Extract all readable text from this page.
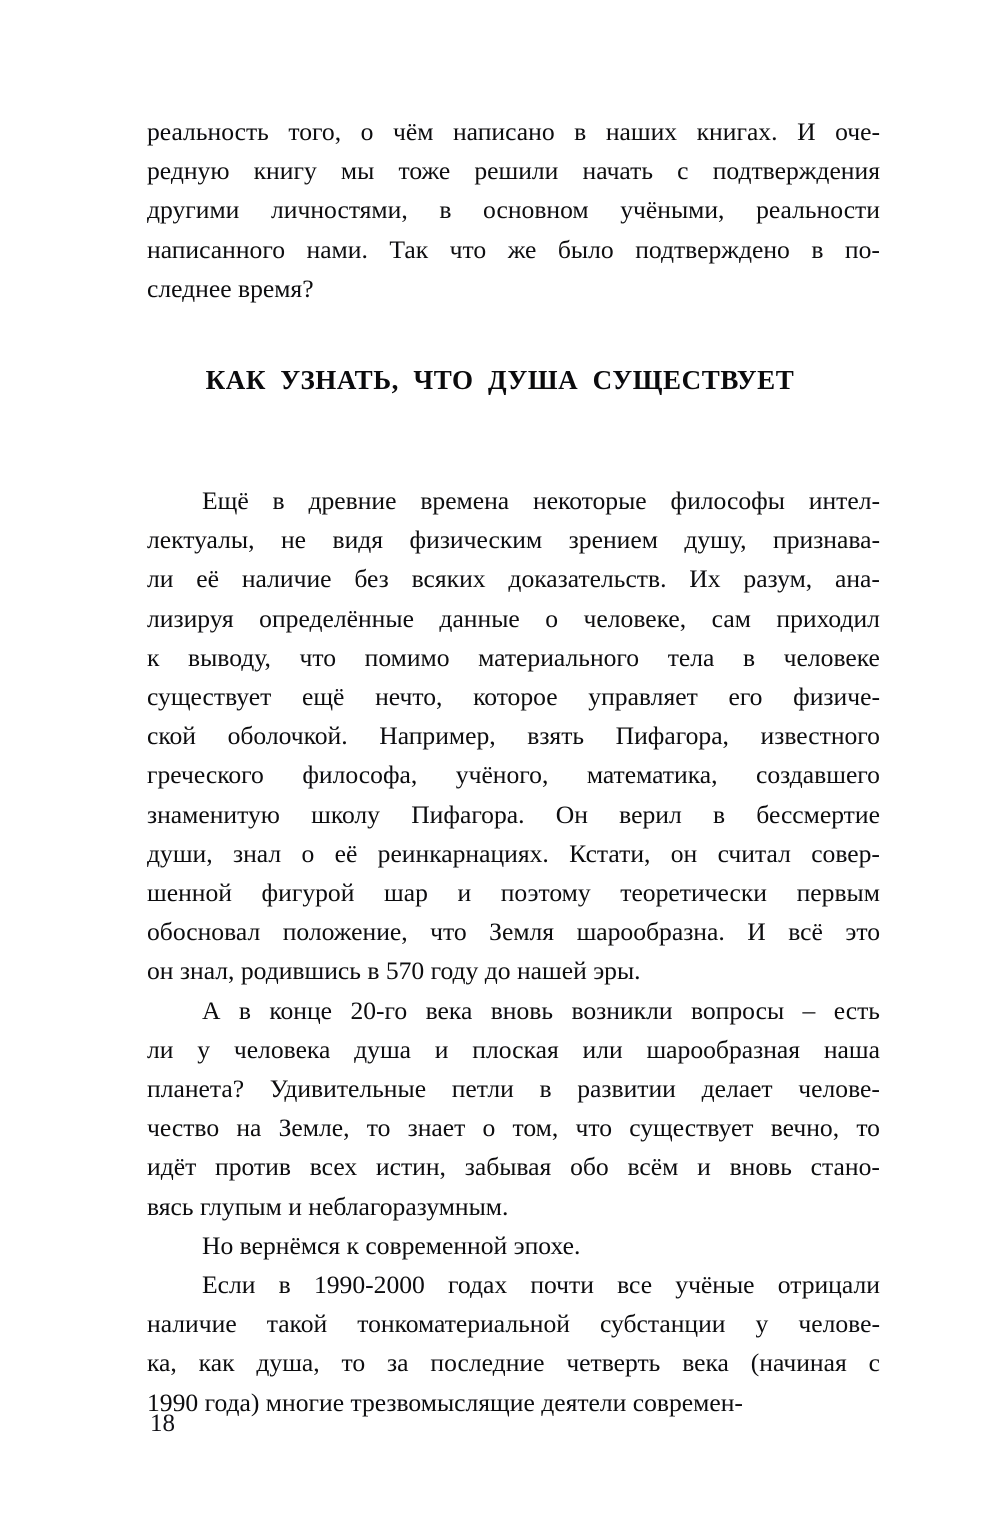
реальность того, о чём написано в наших книгах. И оче-
редную книгу мы тоже решили начать с подтверждения
другими личностями, в основном учёными, реальности
написанного нами. Так что же было подтверждено в по-
следнее время?
КАК УЗНАТЬ, ЧТО ДУША СУЩЕСТВУЕТ
Ещё в древние времена некоторые философы интел-
лектуалы, не видя физическим зрением душу, признава-
ли её наличие без всяких доказательств. Их разум, ана-
лизируя определённые данные о человеке, сам приходил
к выводу, что помимо материального тела в человеке
существует ещё нечто, которое управляет его физиче-
ской оболочкой. Например, взять Пифагора, известного
греческого философа, учёного, математика, создавшего
знаменитую школу Пифагора. Он верил в бессмертие
души, знал о её реинкарнациях. Кстати, он считал совер-
шенной фигурой шар и поэтому теоретически первым
обосновал положение, что Земля шарообразна. И всё это
он знал, родившись в 570 году до нашей эры.
А в конце 20-го века вновь возникли вопросы – есть
ли у человека душа и плоская или шарообразная наша
планета? Удивительные петли в развитии делает челове-
чество на Земле, то знает о том, что существует вечно, то
идёт против всех истин, забывая обо всём и вновь стано-
вясь глупым и неблагоразумным.
Но вернёмся к современной эпохе.
Если в 1990-2000 годах почти все учёные отрицали
наличие такой тонкоматериальной субстанции у челове-
ка, как душа, то за последние четверть века (начиная с
1990 года) многие трезвомыслящие деятели современ-
18
